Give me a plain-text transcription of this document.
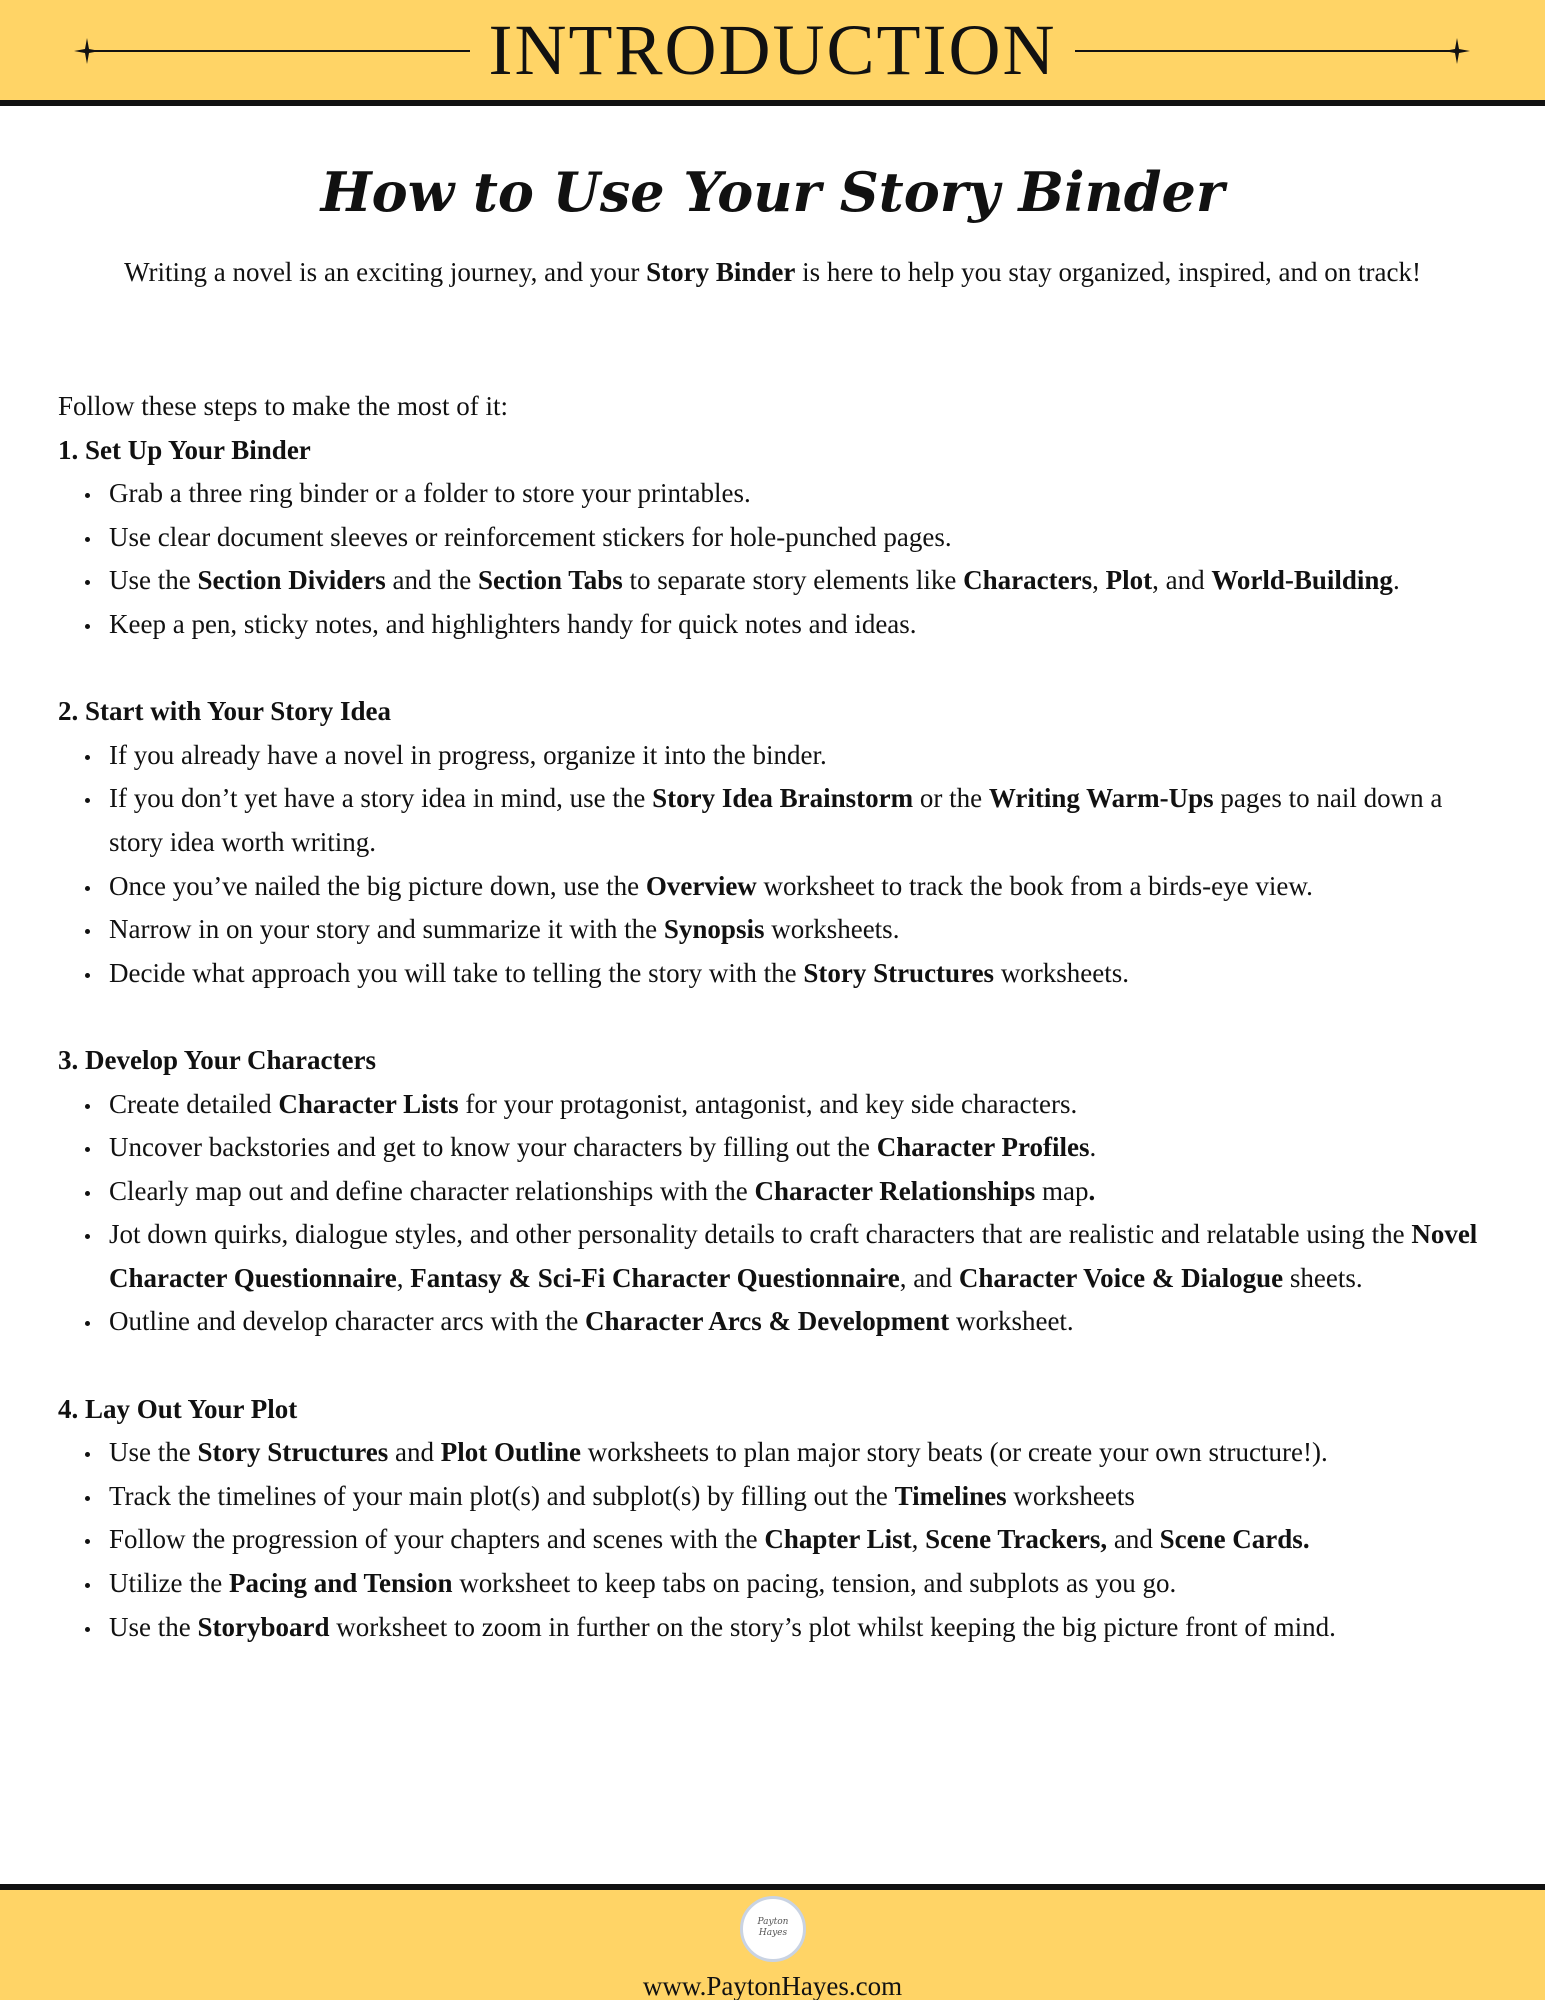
INTRODUCTION
How to Use Your Story Binder

Writing a novel is an exciting journey, and your Story Binder is here to help you stay organized, inspired, and on track!

Follow these steps to make the most of it:

1. Set Up Your Binder
Grab a three ring binder or a folder to store your printables.
Use clear document sleeves or reinforcement stickers for hole-punched pages.
Use the Section Dividers and the Section Tabs to separate story elements like Characters, Plot, and World-Building.
Keep a pen, sticky notes, and highlighters handy for quick notes and ideas.
2. Start with Your Story Idea
If you already have a novel in progress, organize it into the binder.
If you don’t yet have a story idea in mind, use the Story Idea Brainstorm or the Writing Warm-Ups pages to nail down a story idea worth writing.
Once you’ve nailed the big picture down, use the Overview worksheet to track the book from a birds-eye view.
Narrow in on your story and summarize it with the Synopsis worksheets.
Decide what approach you will take to telling the story with the Story Structures worksheets.
3. Develop Your Characters
Create detailed Character Lists for your protagonist, antagonist, and key side characters.
Uncover backstories and get to know your characters by filling out the Character Profiles.
Clearly map out and define character relationships with the Character Relationships map.
Jot down quirks, dialogue styles, and other personality details to craft characters that are realistic and relatable using the Novel Character Questionnaire, Fantasy & Sci-Fi Character Questionnaire, and Character Voice & Dialogue sheets.
Outline and develop character arcs with the Character Arcs & Development worksheet.
4. Lay Out Your Plot
Use the Story Structures and Plot Outline worksheets to plan major story beats (or create your own structure!).
Track the timelines of your main plot(s) and subplot(s) by filling out the Timelines worksheets
Follow the progression of your chapters and scenes with the Chapter List, Scene Trackers, and Scene Cards.
Utilize the Pacing and Tension worksheet to keep tabs on pacing, tension, and subplots as you go.
Use the Storyboard worksheet to zoom in further on the story’s plot whilst keeping the big picture front of mind.
Payton Hayes
www.PaytonHayes.com
